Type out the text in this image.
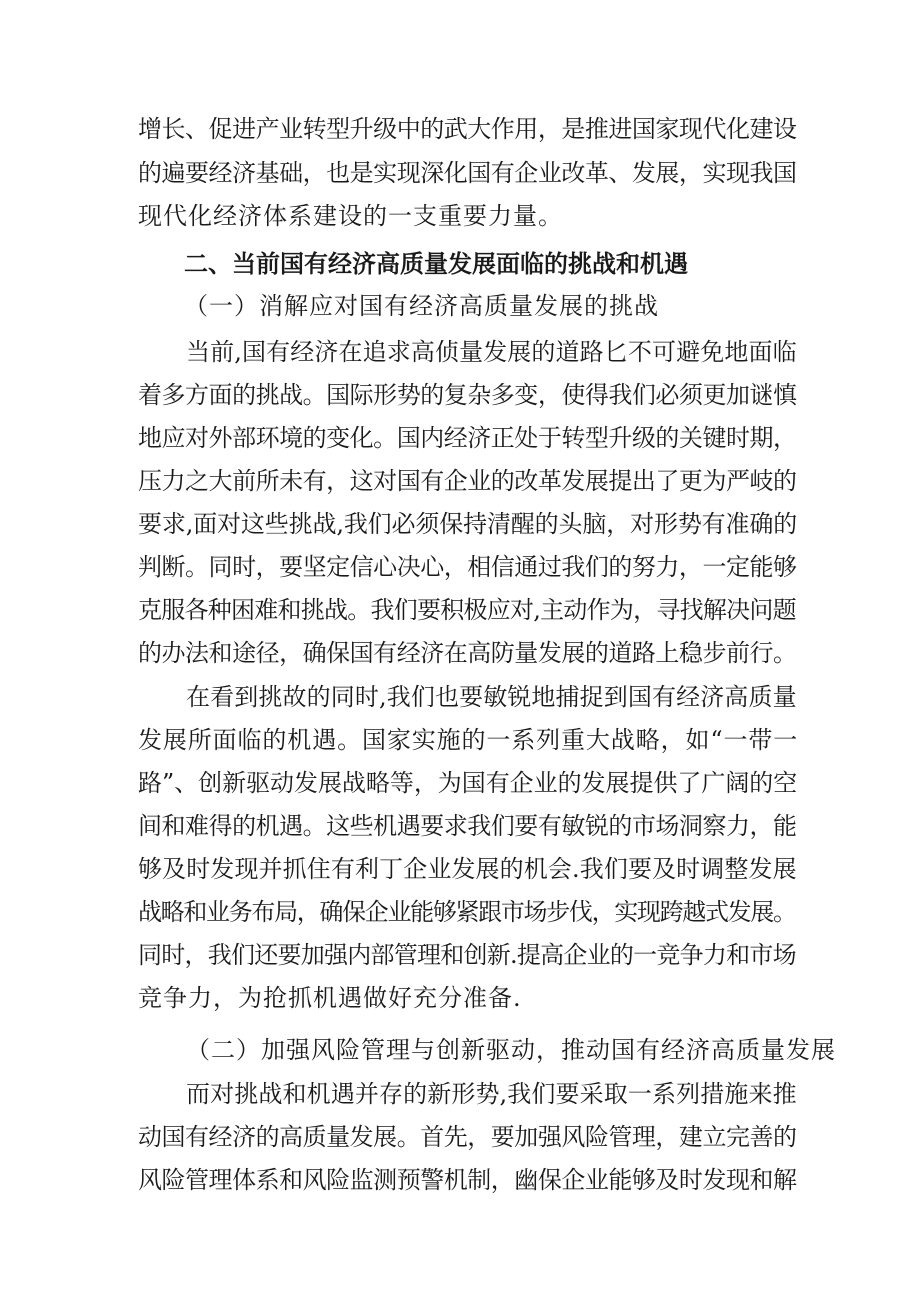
增长、促进产业转型升级中的武大作用，是推进国家现代化建设
的遍要经济基础，也是实现深化国有企业改革、发展，实现我国
现代化经济体系建设的一支重要力量。
二、当前国有经济高质量发展面临的挑战和机遇
（一）消解应对国有经济高质量发展的挑战
当前,国有经济在追求高侦量发展的道路匕不可避免地面临
着多方面的挑战。国际形势的复杂多变，使得我们必须更加谜慎
地应对外部环境的变化。国内经济正处于转型升级的关键时期，
压力之大前所未有，这对国有企业的改革发展提出了更为严岐的
要求,面对这些挑战,我们必须保持清醒的头脑，对形势有准确的
判断。同时，要坚定信心决心，相信通过我们的努力，一定能够
克服各种困难和挑战。我们要积极应对,主动作为，寻找解决问题
的办法和途径，确保国有经济在高防量发展的道路上稳步前行。
在看到挑故的同时,我们也要敏锐地捕捉到国有经济高质量
发展所面临的机遇。国家实施的一系列重大战略，如“一带一
路”、创新驱动发展战略等，为国有企业的发展提供了广阔的空
间和难得的机遇。这些机遇要求我们要有敏锐的市场洞察力，能
够及时发现并抓住有利丁企业发展的机会.我们要及时调整发展
战略和业务布局，确保企业能够紧跟市场步伐，实现跨越式发展。
同时，我们还要加强内部管理和创新.提高企业的一竞争力和市场
竞争力，为抢抓机遇做好充分准备.
（二）加强风险管理与创新驱动，推动国有经济高质量发展
而对挑战和机遇并存的新形势,我们要采取一系列措施来推
动国有经济的高质量发展。首先，要加强风险管理，建立完善的
风险管理体系和风险监测预警机制，幽保企业能够及时发现和解
